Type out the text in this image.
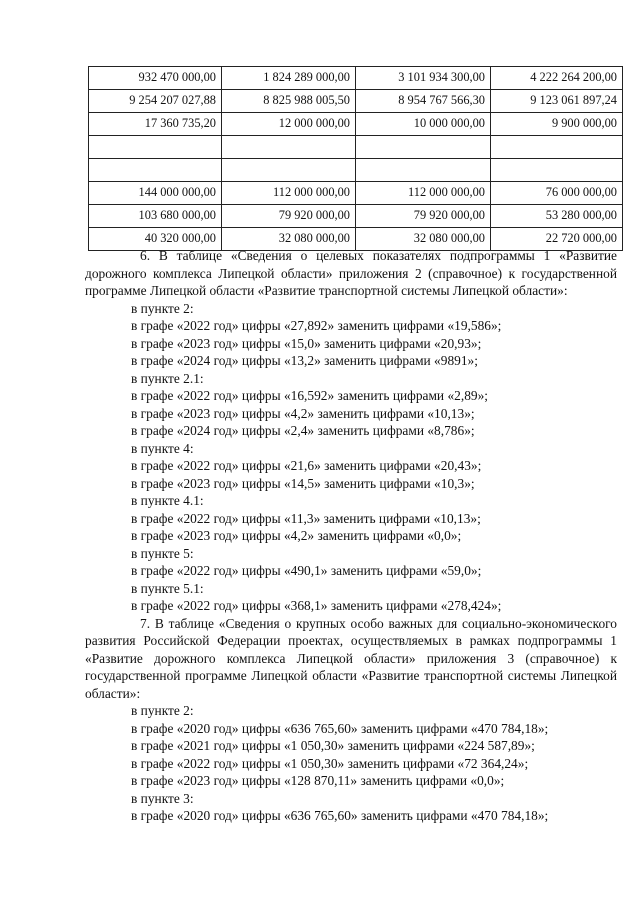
932 470 000,00	1 824 289 000,00	3 101 934 300,00	4 222 264 200,00
9 254 207 027,88	8 825 988 005,50	8 954 767 566,30	9 123 061 897,24
17 360 735,20	12 000 000,00	10 000 000,00	9 900 000,00

144 000 000,00	112 000 000,00	112 000 000,00	76 000 000,00
103 680 000,00	79 920 000,00	79 920 000,00	53 280 000,00
40 320 000,00	32 080 000,00	32 080 000,00	22 720 000,00

6. В таблице «Сведения о целевых показателях подпрограммы 1 «Развитие дорожного комплекса Липецкой области» приложения 2 (справочное) к государственной программе Липецкой области «Развитие транспортной системы Липецкой области»:

в пункте 2:

в графе «2022 год» цифры «27,892» заменить цифрами «19,586»;

в графе «2023 год» цифры «15,0» заменить цифрами «20,93»;

в графе «2024 год» цифры «13,2» заменить цифрами «9891»;

в пункте 2.1:

в графе «2022 год» цифры «16,592» заменить цифрами «2,89»;

в графе «2023 год» цифры «4,2» заменить цифрами «10,13»;

в графе «2024 год» цифры «2,4» заменить цифрами «8,786»;

в пункте 4:

в графе «2022 год» цифры «21,6» заменить цифрами «20,43»;

в графе «2023 год» цифры «14,5» заменить цифрами «10,3»;

в пункте 4.1:

в графе «2022 год» цифры «11,3» заменить цифрами «10,13»;

в графе «2023 год» цифры «4,2» заменить цифрами «0,0»;

в пункте 5:

в графе «2022 год» цифры «490,1» заменить цифрами «59,0»;

в пункте 5.1:

в графе «2022 год» цифры «368,1» заменить цифрами «278,424»;

7. В таблице «Сведения о крупных особо важных для социально-экономического развития Российской Федерации проектах, осуществляемых в рамках подпрограммы 1 «Развитие дорожного комплекса Липецкой области» приложения 3 (справочное) к государственной программе Липецкой области «Развитие транспортной системы Липецкой области»:

в пункте 2:

в графе «2020 год» цифры «636 765,60» заменить цифрами «470 784,18»;

в графе «2021 год» цифры «1 050,30» заменить цифрами «224 587,89»;

в графе «2022 год» цифры «1 050,30» заменить цифрами «72 364,24»;

в графе «2023 год» цифры «128 870,11» заменить цифрами «0,0»;

в пункте 3:

в графе «2020 год» цифры «636 765,60» заменить цифрами «470 784,18»;
